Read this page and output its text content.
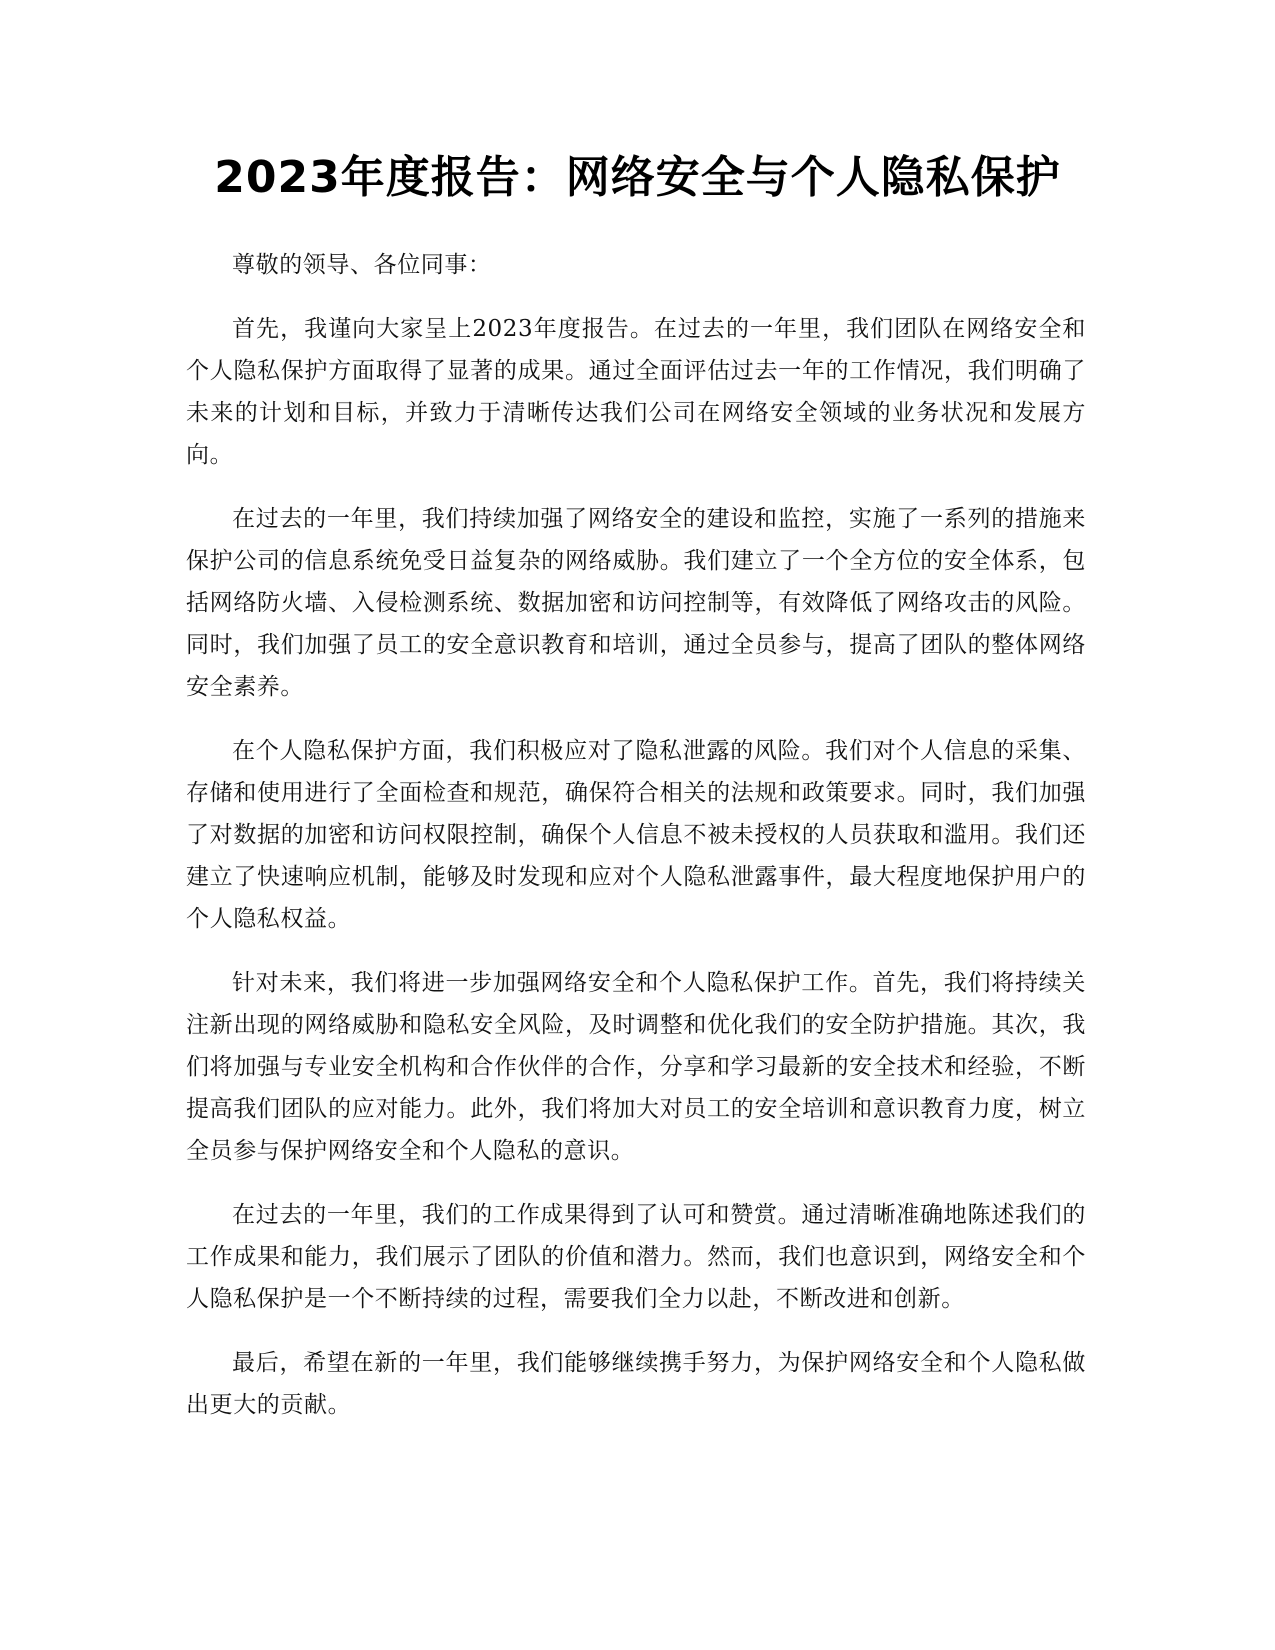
2023年度报告：网络安全与个人隐私保护

尊敬的领导、各位同事：

首先，我谨向大家呈上2023年度报告。在过去的一年里，我们团队在网络安全和个人隐私保护方面取得了显著的成果。通过全面评估过去一年的工作情况，我们明确了未来的计划和目标，并致力于清晰传达我们公司在网络安全领域的业务状况和发展方向。

在过去的一年里，我们持续加强了网络安全的建设和监控，实施了一系列的措施来保护公司的信息系统免受日益复杂的网络威胁。我们建立了一个全方位的安全体系，包括网络防火墙、入侵检测系统、数据加密和访问控制等，有效降低了网络攻击的风险。同时，我们加强了员工的安全意识教育和培训，通过全员参与，提高了团队的整体网络安全素养。

在个人隐私保护方面，我们积极应对了隐私泄露的风险。我们对个人信息的采集、存储和使用进行了全面检查和规范，确保符合相关的法规和政策要求。同时，我们加强了对数据的加密和访问权限控制，确保个人信息不被未授权的人员获取和滥用。我们还建立了快速响应机制，能够及时发现和应对个人隐私泄露事件，最大程度地保护用户的个人隐私权益。

针对未来，我们将进一步加强网络安全和个人隐私保护工作。首先，我们将持续关注新出现的网络威胁和隐私安全风险，及时调整和优化我们的安全防护措施。其次，我们将加强与专业安全机构和合作伙伴的合作，分享和学习最新的安全技术和经验，不断提高我们团队的应对能力。此外，我们将加大对员工的安全培训和意识教育力度，树立全员参与保护网络安全和个人隐私的意识。

在过去的一年里，我们的工作成果得到了认可和赞赏。通过清晰准确地陈述我们的工作成果和能力，我们展示了团队的价值和潜力。然而，我们也意识到，网络安全和个人隐私保护是一个不断持续的过程，需要我们全力以赴，不断改进和创新。

最后，希望在新的一年里，我们能够继续携手努力，为保护网络安全和个人隐私做出更大的贡献。
